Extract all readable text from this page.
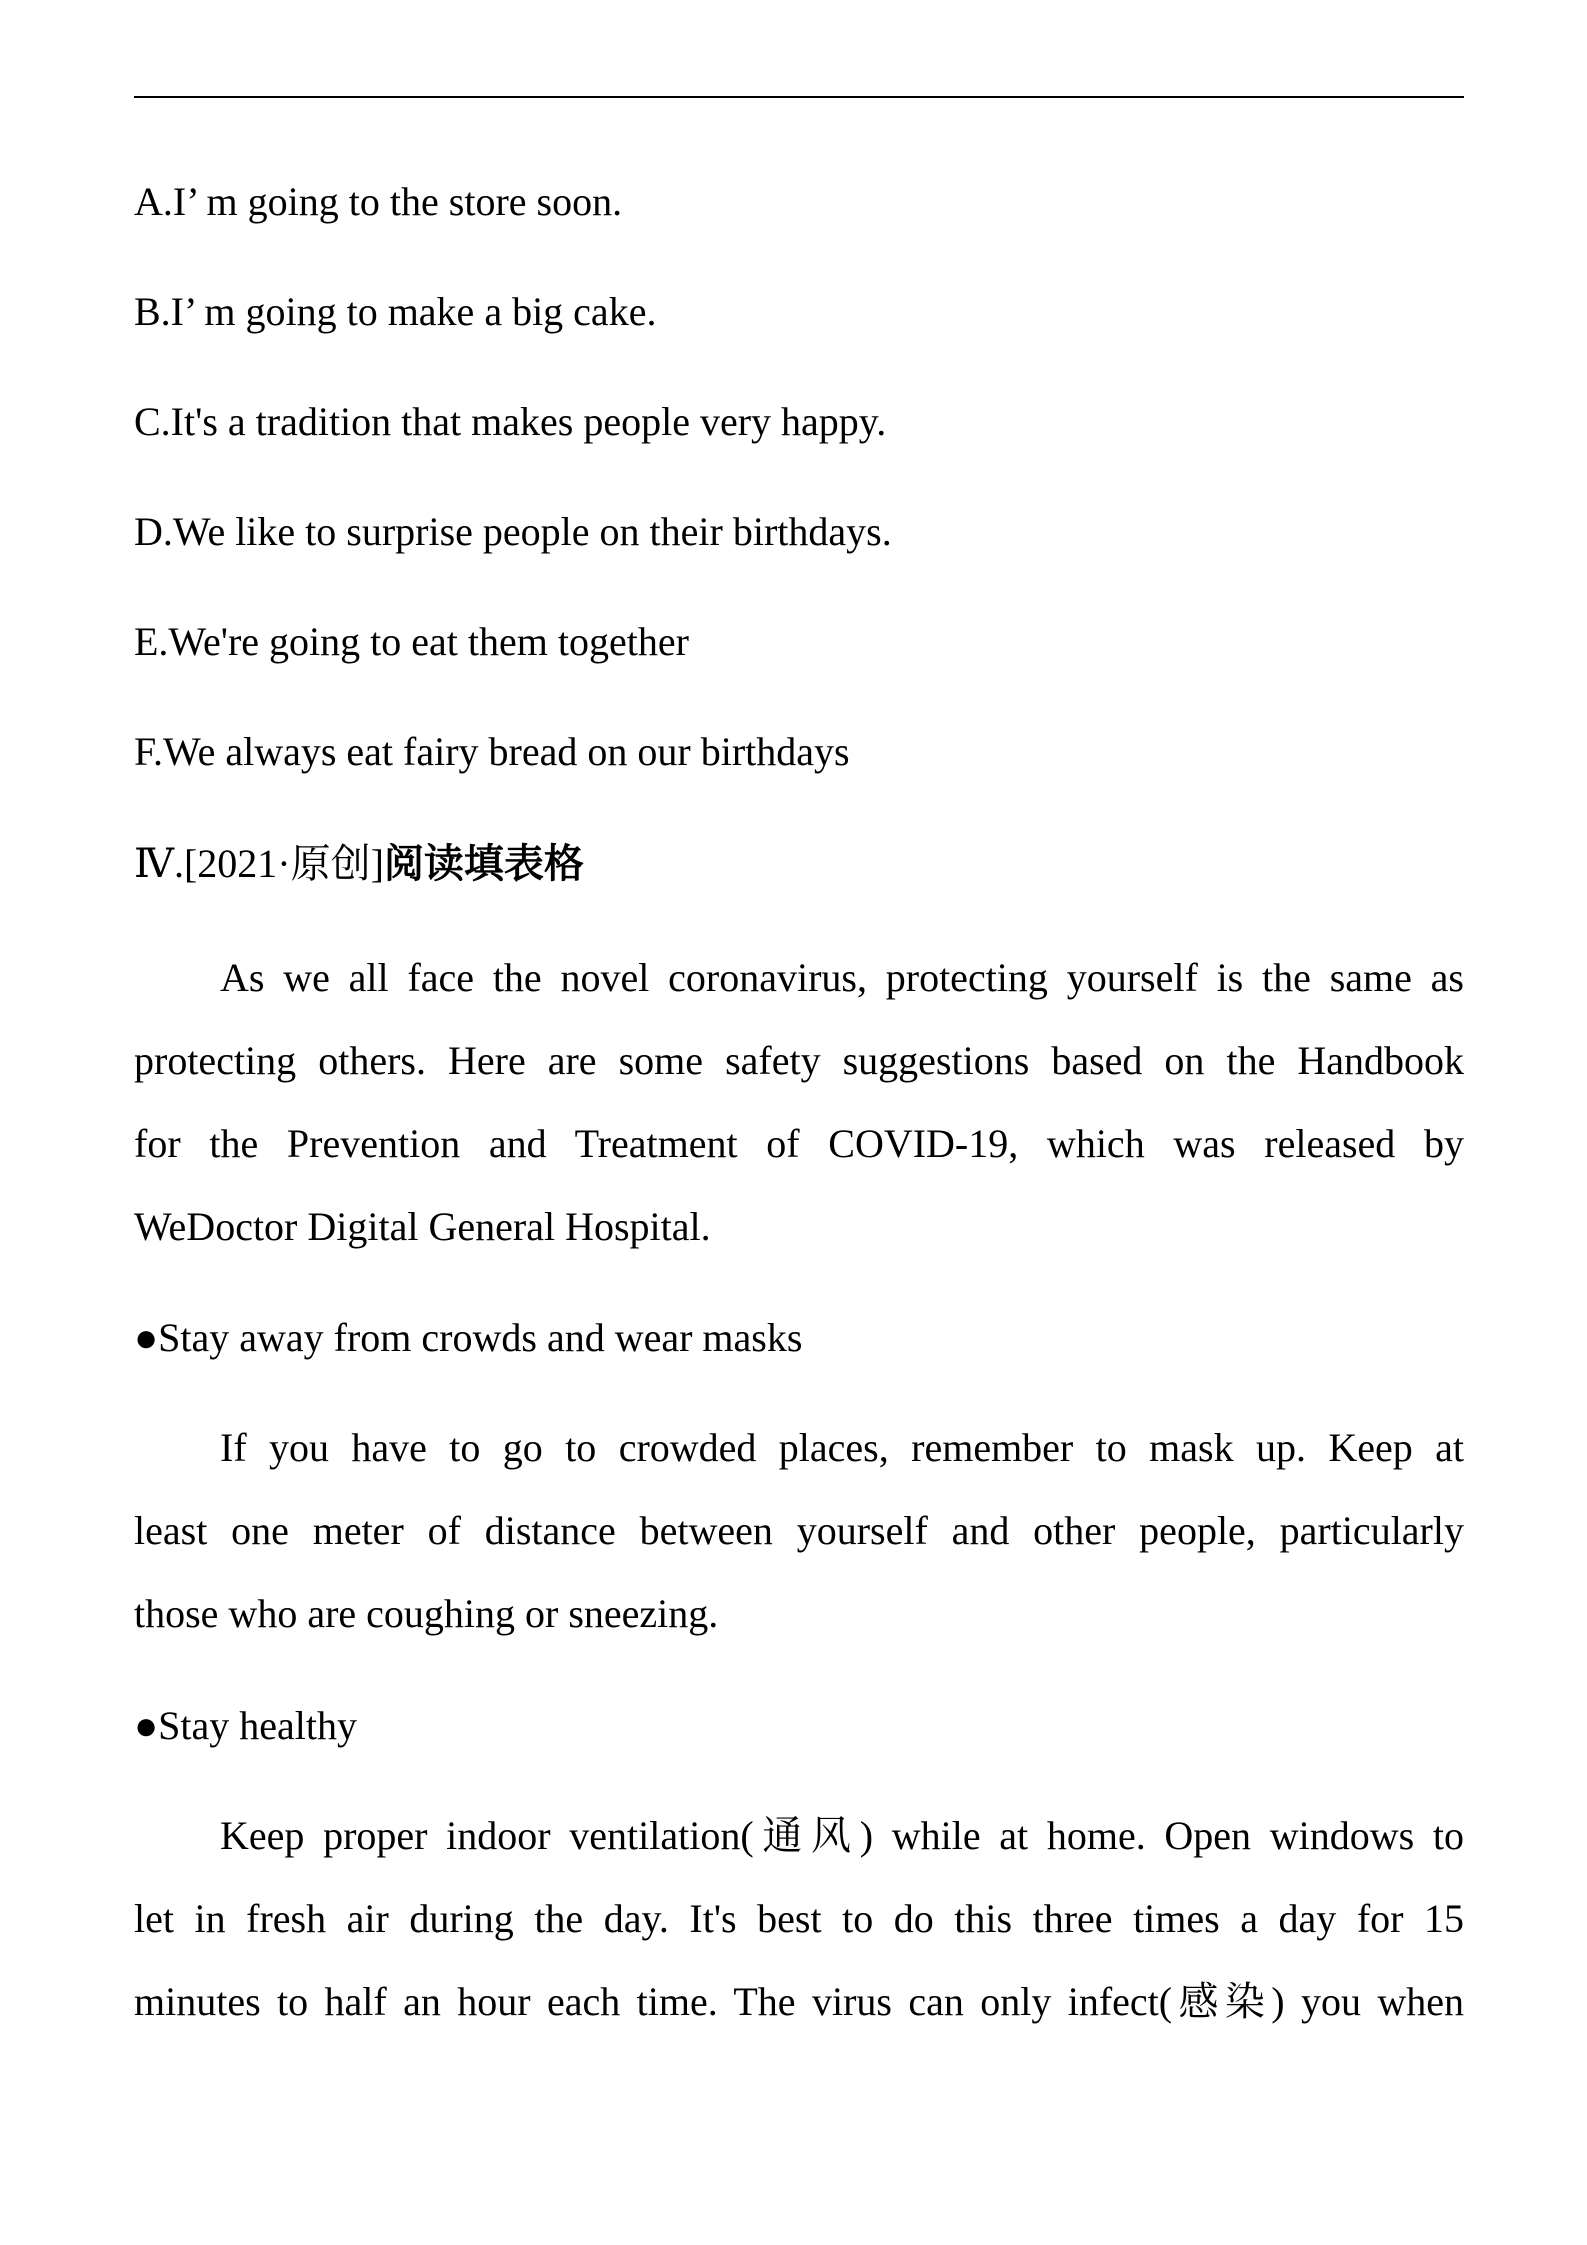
A.I’ m going to the store soon.
B.I’ m going to make a big cake.
C.It's a tradition that makes people very happy.
D.We like to surprise people on their birthdays.
E.We're going to eat them together
F.We always eat fairy bread on our birthdays
Ⅳ.[2021·原创]阅读填表格
As we all face the novel coronavirus, protecting yourself is the same as
protecting others. Here are some safety suggestions based on the Handbook
for the Prevention and Treatment of COVID-19, which was released by
WeDoctor Digital General Hospital.
●Stay away from crowds and wear masks
If you have to go to crowded places, remember to mask up. Keep at
least one meter of distance between yourself and other people, particularly
those who are coughing or sneezing.
●Stay healthy
Keep proper indoor ventilation(通风) while at home. Open windows to
let in fresh air during the day. It's best to do this three times a day for 15
minutes to half an hour each time. The virus can only infect(感染) you when
